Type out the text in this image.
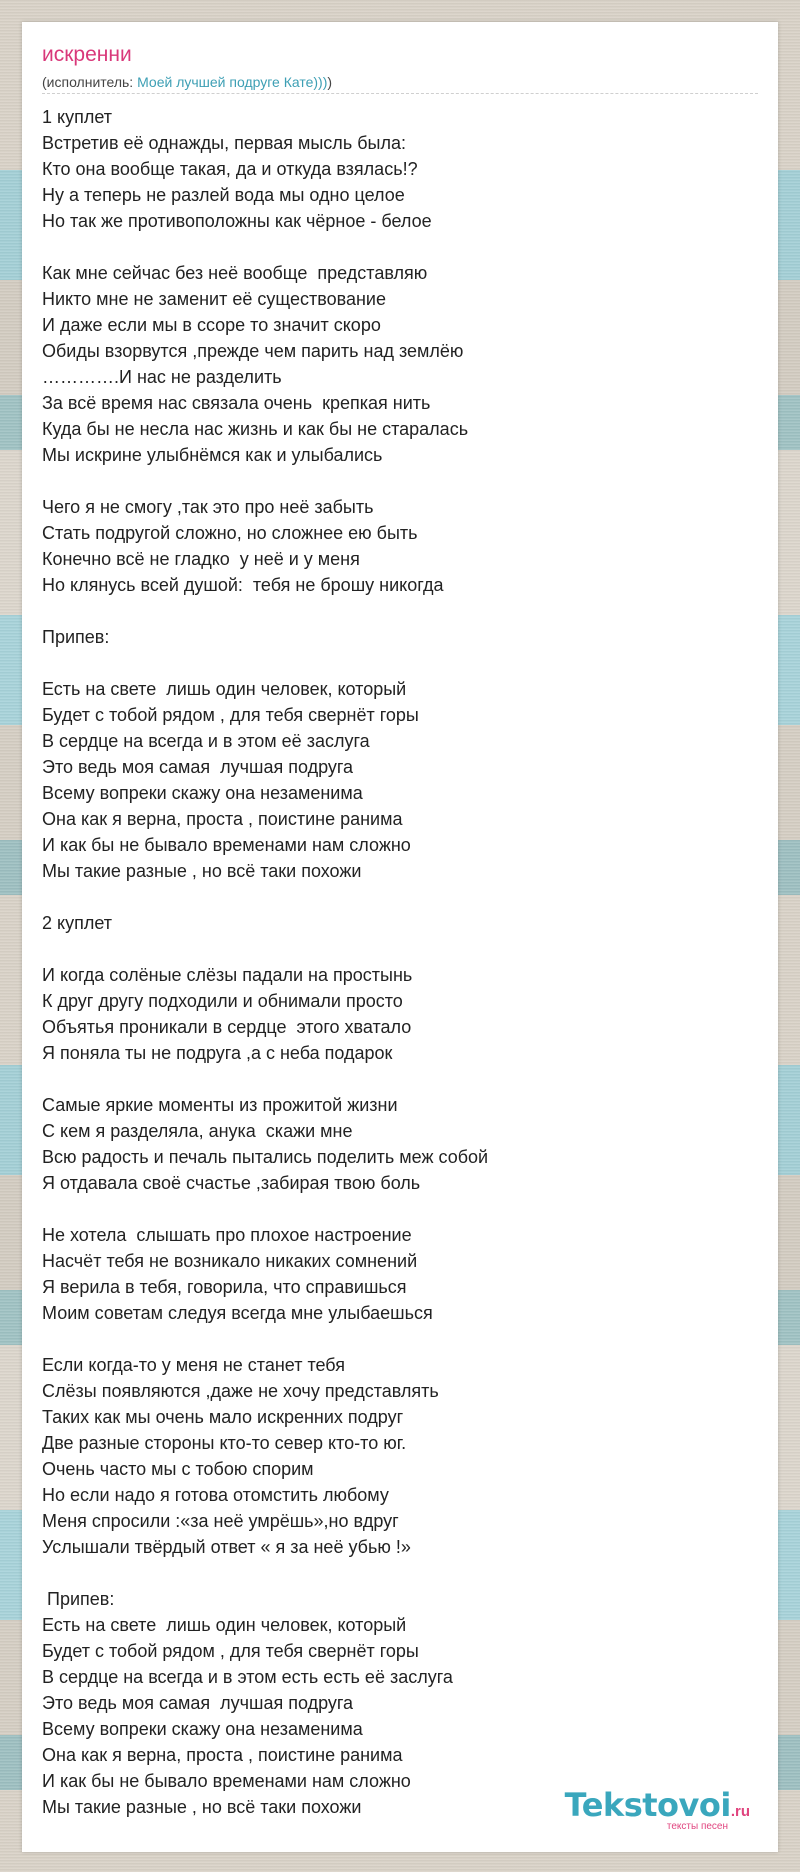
искренни
(исполнитель: Моей лучшей подруге Кате))))
1 куплет
Встретив её однажды, первая мысль была:
Кто она вообще такая, да и откуда взялась!?
Ну а теперь не разлей вода мы одно целое
Но так же противоположны как чёрное - белое
Как мне сейчас без неё вообще  представляю
Никто мне не заменит её существование
И даже если мы в ссоре то значит скоро
Обиды взорвутся ,прежде чем парить над землёю
………….И нас не разделить
За всё время нас связала очень  крепкая нить
Куда бы не несла нас жизнь и как бы не старалась
Мы искрине улыбнёмся как и улыбались
Чего я не смогу ,так это про неё забыть
Стать подругой сложно, но сложнее ею быть
Конечно всё не гладко  у неё и у меня
Но клянусь всей душой:  тебя не брошу никогда
Припев:
Есть на свете  лишь один человек, который
Будет с тобой рядом , для тебя свернёт горы
В сердце на всегда и в этом её заслуга
Это ведь моя самая  лучшая подруга
Всему вопреки скажу она незаменима
Она как я верна, проста , поистине ранима
И как бы не бывало временами нам сложно
Мы такие разные , но всё таки похожи
2 куплет
И когда солёные слёзы падали на простынь
К друг другу подходили и обнимали просто
Объятья проникали в сердце  этого хватало
Я поняла ты не подруга ,а с неба подарок
Самые яркие моменты из прожитой жизни
С кем я разделяла, анука  скажи мне
Всю радость и печаль пытались поделить меж собой
Я отдавала своё счастье ,забирая твою боль
Не хотела  слышать про плохое настроение
Насчёт тебя не возникало никаких сомнений
Я верила в тебя, говорила, что справишься
Моим советам следуя всегда мне улыбаешься
Если когда-то у меня не станет тебя
Слёзы появляются ,даже не хочу представлять
Таких как мы очень мало искренних подруг
Две разные стороны кто-то север кто-то юг.
Очень часто мы с тобою спорим
Но если надо я готова отомстить любому
Меня спросили :«за неё умрёшь»,но вдруг
Услышали твёрдый ответ « я за неё убью !»
Припев:
Есть на свете  лишь один человек, который
Будет с тобой рядом , для тебя свернёт горы
В сердце на всегда и в этом есть есть её заслуга
Это ведь моя самая  лучшая подруга
Всему вопреки скажу она незаменима
Она как я верна, проста , поистине ранима
И как бы не бывало временами нам сложно
Мы такие разные , но всё таки похожи	Tekstovoi.ru
тексты песен
